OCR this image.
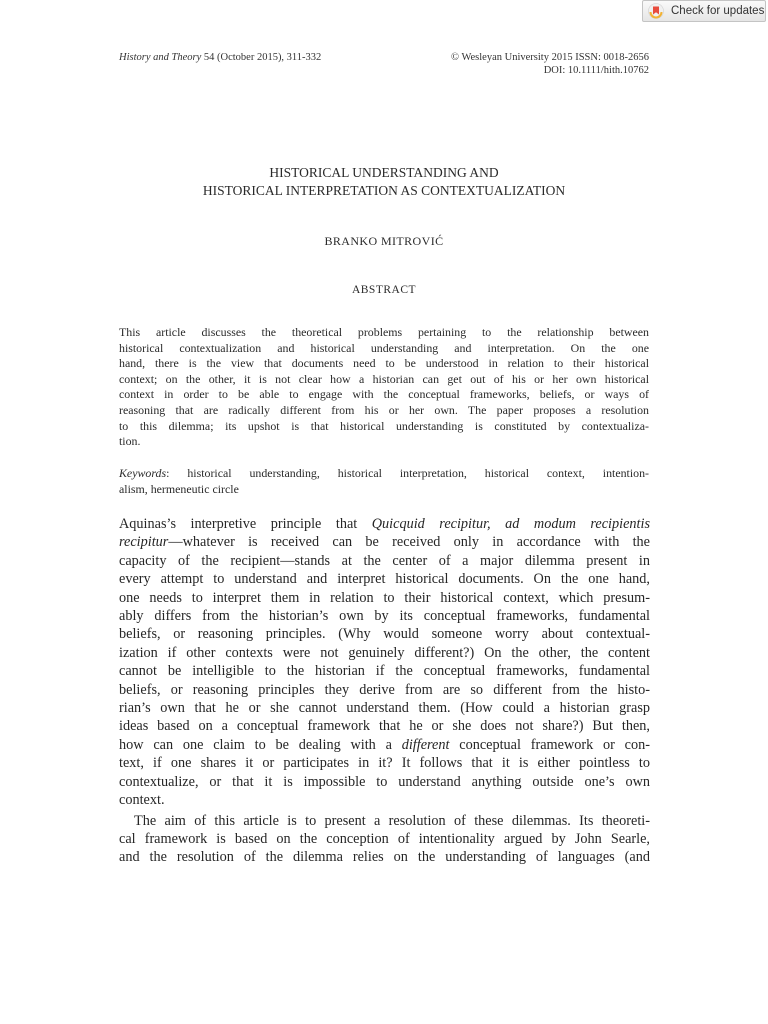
Check for updates
History and Theory 54 (October 2015), 311-332	© Wesleyan University 2015 ISSN: 0018-2656
DOI: 10.1111/hith.10762
HISTORICAL UNDERSTANDING AND
HISTORICAL INTERPRETATION AS CONTEXTUALIZATION
BRANKO MITROVIĆ
ABSTRACT
This article discusses the theoretical problems pertaining to the relationship between
historical contextualization and historical understanding and interpretation. On the one
hand, there is the view that documents need to be understood in relation to their historical
context; on the other, it is not clear how a historian can get out of his or her own historical
context in order to be able to engage with the conceptual frameworks, beliefs, or ways of
reasoning that are radically different from his or her own. The paper proposes a resolution
to this dilemma; its upshot is that historical understanding is constituted by contextualiza-
tion.
Keywords: historical understanding, historical interpretation, historical context, intention-
alism, hermeneutic circle
Aquinas’s interpretive principle that Quicquid recipitur, ad modum recipientis
recipitur—whatever is received can be received only in accordance with the
capacity of the recipient—stands at the center of a major dilemma present in
every attempt to understand and interpret historical documents. On the one hand,
one needs to interpret them in relation to their historical context, which presum-
ably differs from the historian’s own by its conceptual frameworks, fundamental
beliefs, or reasoning principles. (Why would someone worry about contextual-
ization if other contexts were not genuinely different?) On the other, the content
cannot be intelligible to the historian if the conceptual frameworks, fundamental
beliefs, or reasoning principles they derive from are so different from the histo-
rian’s own that he or she cannot understand them. (How could a historian grasp
ideas based on a conceptual framework that he or she does not share?) But then,
how can one claim to be dealing with a different conceptual framework or con-
text, if one shares it or participates in it? It follows that it is either pointless to
contextualize, or that it is impossible to understand anything outside one’s own
context.
The aim of this article is to present a resolution of these dilemmas. Its theoreti-
cal framework is based on the conception of intentionality argued by John Searle,
and the resolution of the dilemma relies on the understanding of languages (and
